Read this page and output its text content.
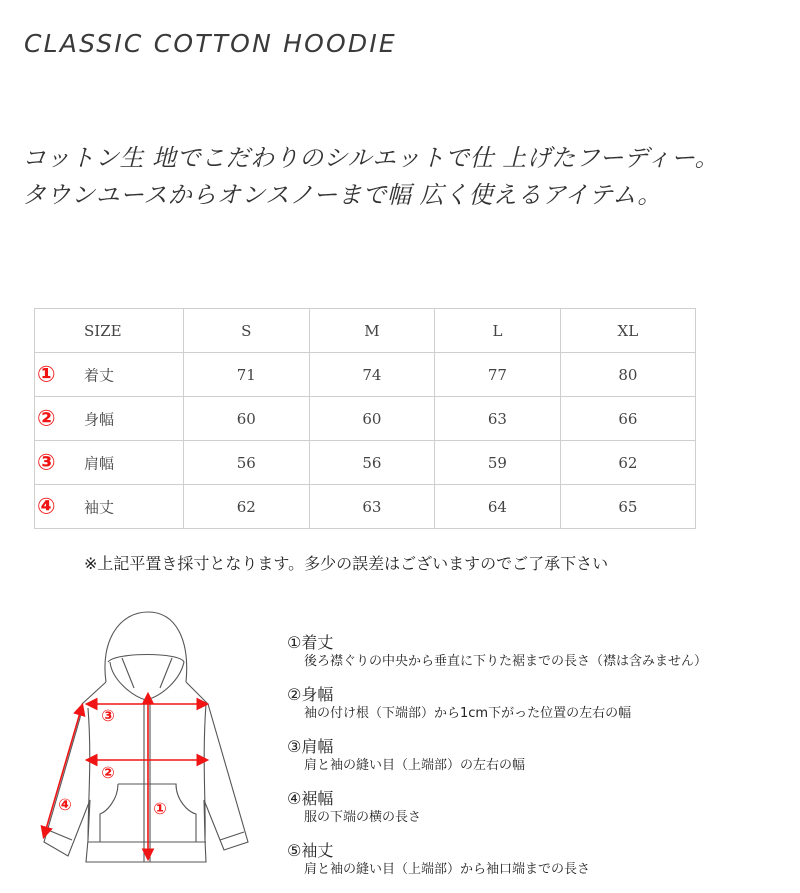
CLASSIC COTTON HOODIE
コットン生 地でこだわりのシルエットで仕 上げたフーディー。
タウンユースからオンスノーまで幅 広く使えるアイテム。
SIZE	S	M	L	XL

① 着丈	71	74	77	80

② 身幅	60	60	63	66

③ 肩幅	56	56	59	62

④ 袖丈	62	63	64	65
※上記平置き採寸となります。多少の誤差はございますのでご了承下さい
①
②
③
④
①着丈
後ろ襟ぐりの中央から垂直に下りた裾までの長さ（襟は含みません）
②身幅
袖の付け根（下端部）から1cm下がった位置の左右の幅
③肩幅
肩と袖の縫い目（上端部）の左右の幅
④裾幅
服の下端の横の長さ
⑤袖丈
肩と袖の縫い目（上端部）から袖口端までの長さ
